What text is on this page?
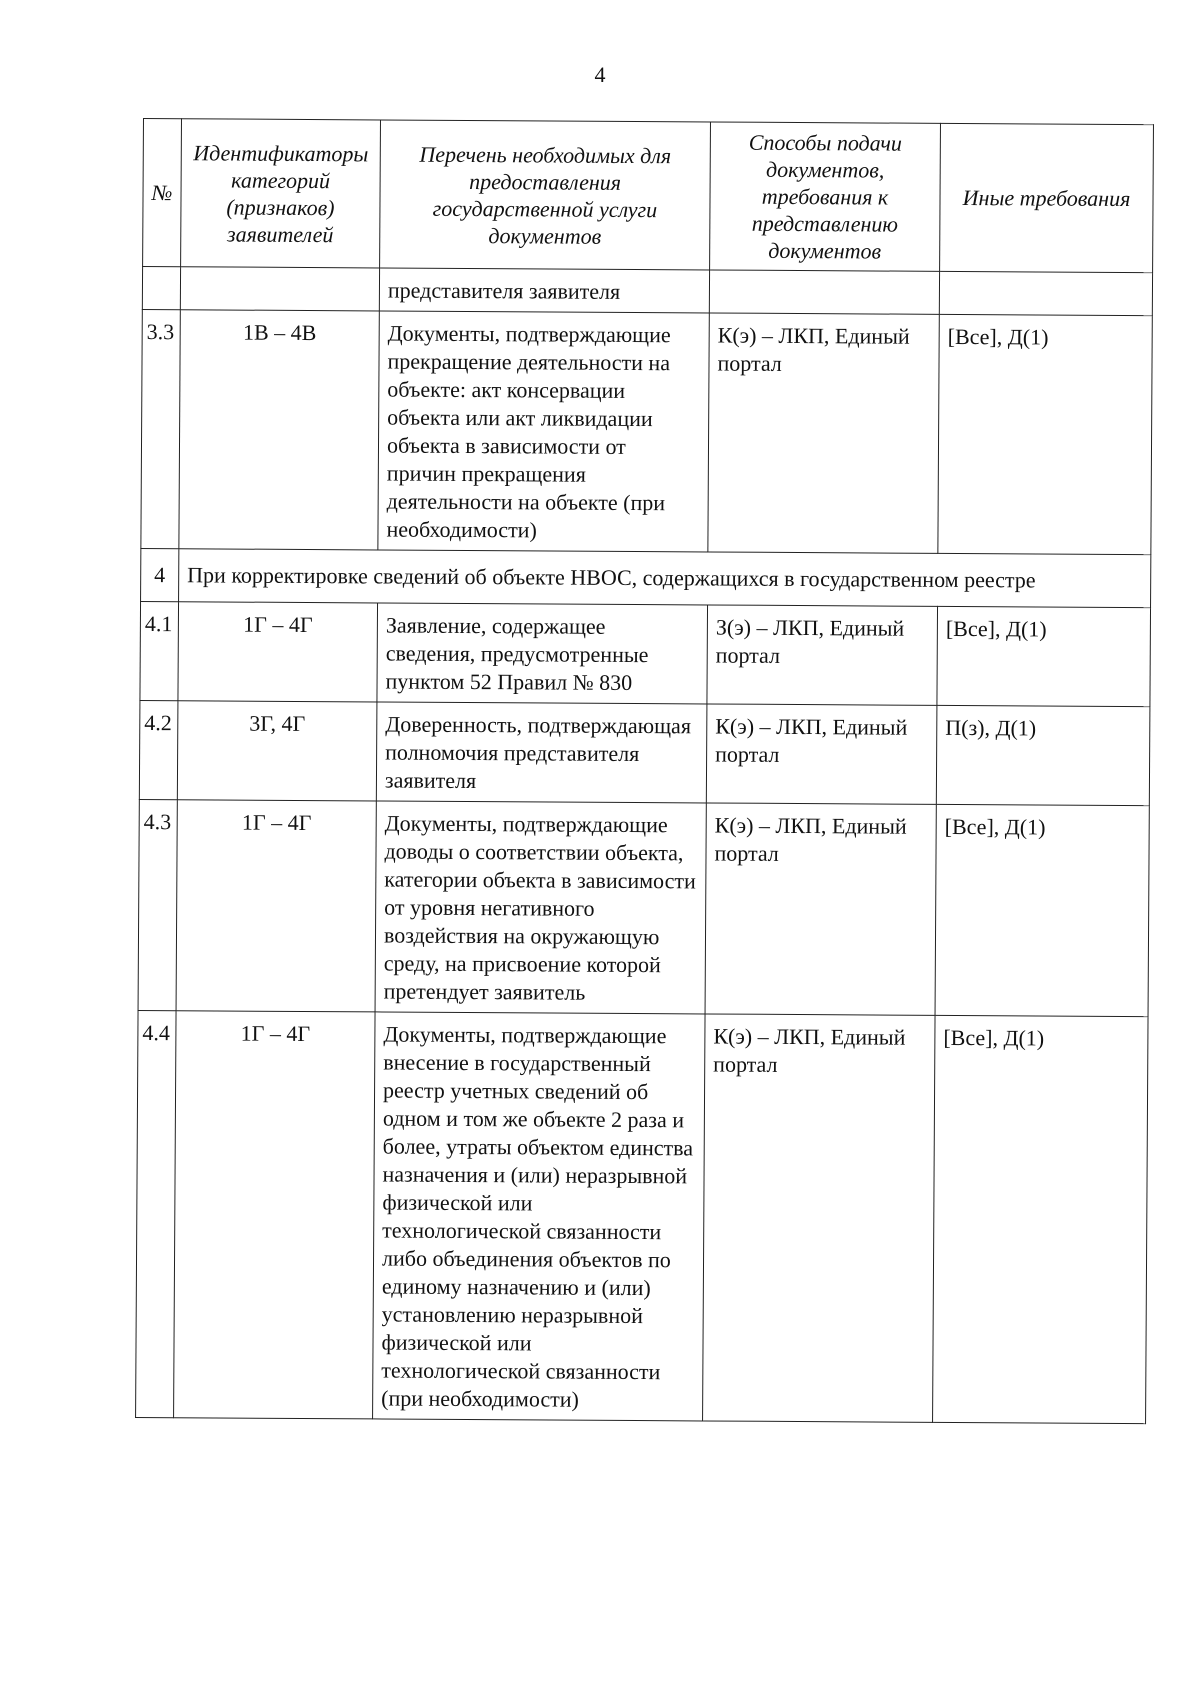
4
№	Идентификаторы категорий (признаков) заявителей	Перечень необходимых для предоставления государственной услуги документов	Способы подачи документов, требования к представлению документов	Иные требования
		представителя заявителя		
3.3	1В – 4В	Документы, подтверждающие прекращение деятельности на объекте: акт консервации объекта или акт ликвидации объекта в зависимости от причин прекращения деятельности на объекте (при необходимости)	К(э) – ЛКП, Единый портал	[Все], Д(1)
4	При корректировке сведений об объекте НВОС, содержащихся в государственном реестре			
4.1	1Г – 4Г	Заявление, содержащее сведения, предусмотренные пунктом 52 Правил № 830	З(э) – ЛКП, Единый портал	[Все], Д(1)
4.2	3Г, 4Г	Доверенность, подтверждающая полномочия представителя заявителя	К(э) – ЛКП, Единый портал	П(з), Д(1)
4.3	1Г – 4Г	Документы, подтверждающие доводы о соответствии объекта, категории объекта в зависимости от уровня негативного воздействия на окружающую среду, на присвоение которой претендует заявитель	К(э) – ЛКП, Единый портал	[Все], Д(1)
4.4	1Г – 4Г	Документы, подтверждающие внесение в государственный реестр учетных сведений об одном и том же объекте 2 раза и более, утраты объектом единства назначения и (или) неразрывной физической или технологической связанности либо объединения объектов по единому назначению и (или) установлению неразрывной физической или технологической связанности (при необходимости)	К(э) – ЛКП, Единый портал	[Все], Д(1)
